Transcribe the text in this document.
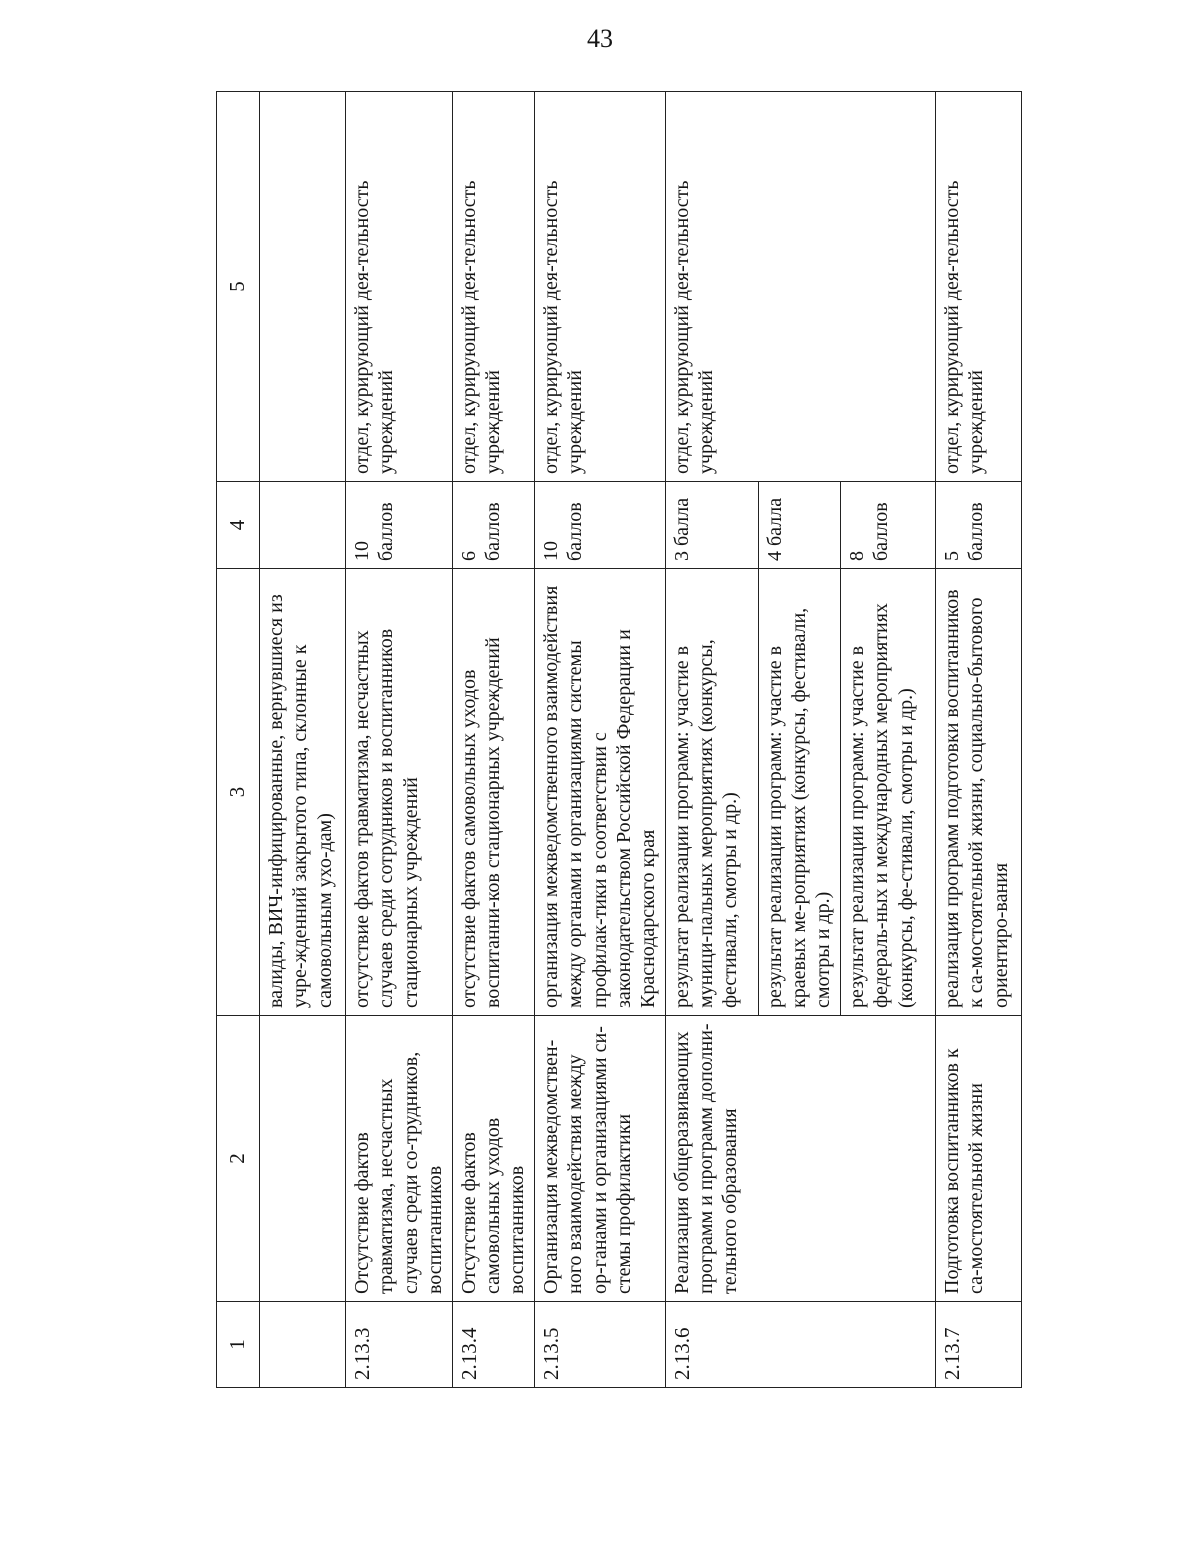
43
1	2	3	4	5
		валиды, ВИЧ-инфицированные, вернувшиеся из учре-жденний закрытого типа, склонные к самовольным ухо-дам)		
2.13.3	Отсутствие фактов травматизма, несчастных случаев среди со-трудников, воспитанников	отсутствие фактов травматизма, несчастных случаев среди сотрудников и воспитанников стационарных учреждений	10 баллов	отдел, курирующий дея-тельность учреждений
2.13.4	Отсутствие фактов самовольных уходов воспитанников	отсутствие фактов самовольных уходов воспитанни-ков стационарных учреждений	6 баллов	отдел, курирующий дея-тельность учреждений
2.13.5	Организация межведомствен-ного взаимодействия между ор-ганами и организациями си-стемы профилактики	организация межведомственного взаимодействия между органами и организациями системы профилак-тики в соответствии с законодательством Российской Федерации и Краснодарского края	10 баллов	отдел, курирующий дея-тельность учреждений
2.13.6	Реализация общеразвивающих программ и программ дополни-тельного образования	результат реализации программ: участие в муници-пальных мероприятиях (конкурсы, фестивали, смотры и др.)	3 балла	отдел, курирующий дея-тельность учреждений
		результат реализации программ: участие в краевых ме-роприятиях (конкурсы, фестивали, смотры и др.)	4 балла	
		результат реализации программ: участие в федераль-ных и международных мероприятиях (конкурсы, фе-стивали, смотры и др.)	8 баллов	
2.13.7	Подготовка воспитанников к са-мостоятельной жизни	реализация программ подготовки воспитанников к са-мостоятельной жизни, социально-бытового ориентиро-вания	5 баллов	отдел, курирующий дея-тельность учреждений
